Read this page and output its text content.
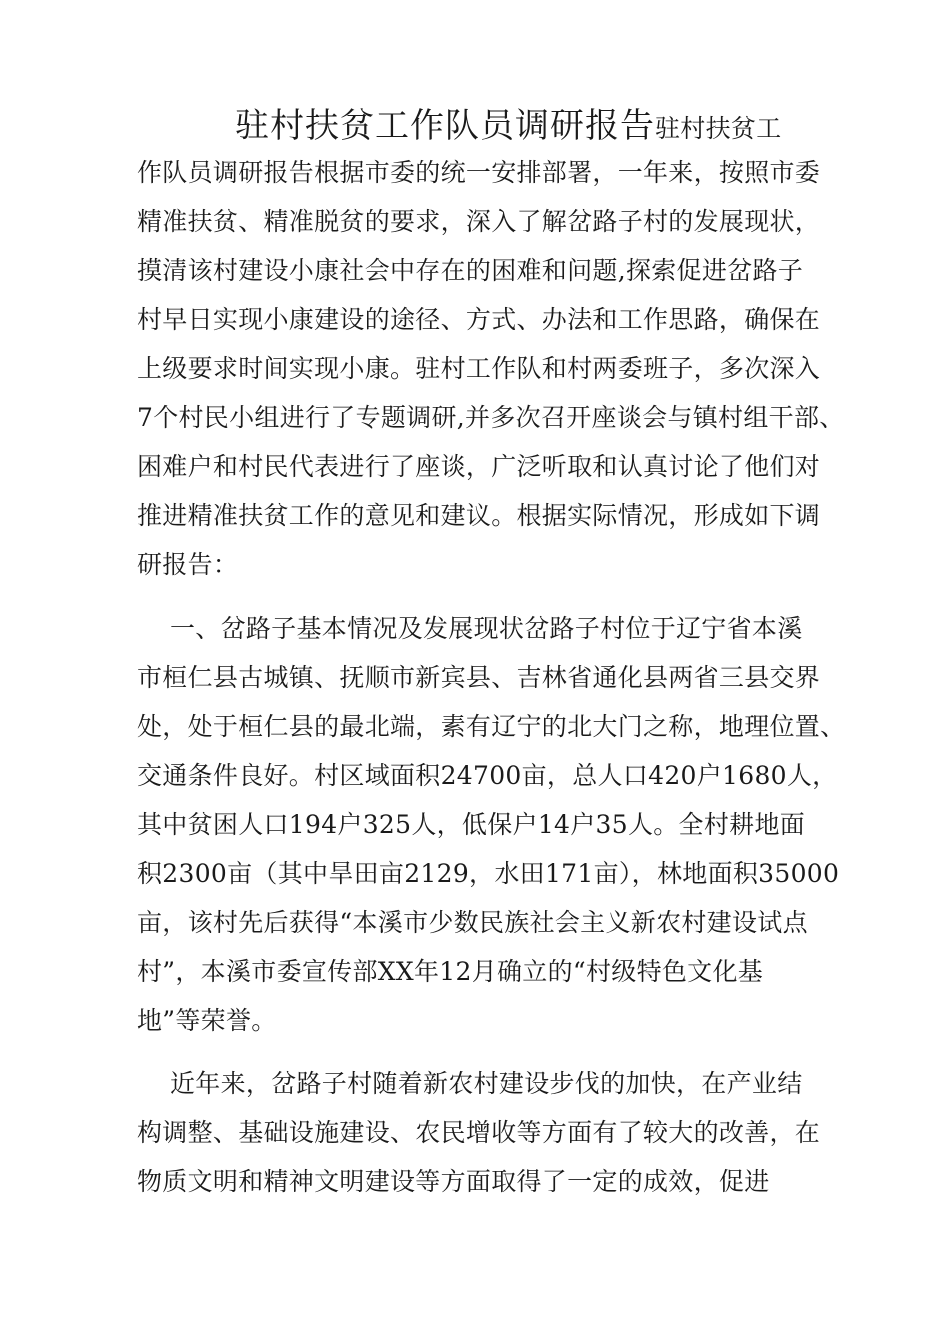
驻村扶贫工作队员调研报告驻村扶贫工
作队员调研报告根据市委的统一安排部署，一年来，按照市委
精准扶贫、精准脱贫的要求，深入了解岔路子村的发展现状，
摸清该村建设小康社会中存在的困难和问题,探索促进岔路子
村早日实现小康建设的途径、方式、办法和工作思路，确保在
上级要求时间实现小康。驻村工作队和村两委班子，多次深入
7个村民小组进行了专题调研,并多次召开座谈会与镇村组干部、
困难户和村民代表进行了座谈，广泛听取和认真讨论了他们对
推进精准扶贫工作的意见和建议。根据实际情况，形成如下调
研报告：
一、岔路子基本情况及发展现状岔路子村位于辽宁省本溪
市桓仁县古城镇、抚顺市新宾县、吉林省通化县两省三县交界
处，处于桓仁县的最北端，素有辽宁的北大门之称，地理位置、
交通条件良好。村区域面积24700亩，总人口420户1680人，
其中贫困人口194户325人，低保户14户35人。全村耕地面
积2300亩（其中旱田亩2129，水田171亩），林地面积35000
亩，该村先后获得“本溪市少数民族社会主义新农村建设试点
村”，本溪市委宣传部XX年12月确立的“村级特色文化基
地”等荣誉。
近年来，岔路子村随着新农村建设步伐的加快，在产业结
构调整、基础设施建设、农民增收等方面有了较大的改善，在
物质文明和精神文明建设等方面取得了一定的成效，促进
